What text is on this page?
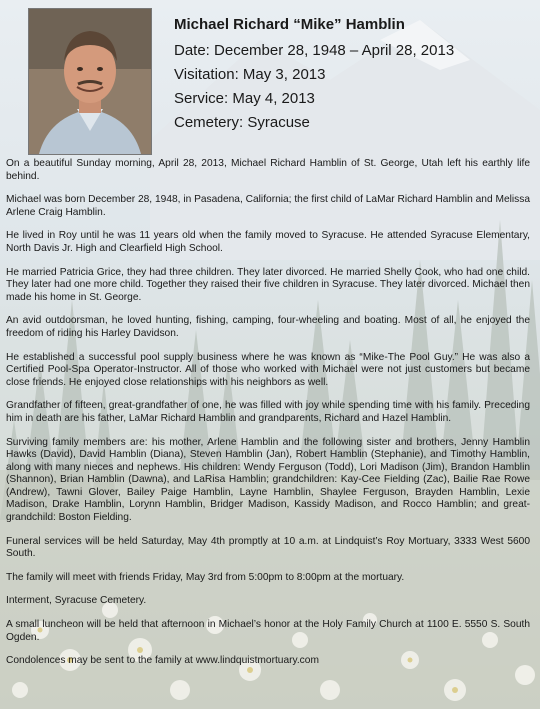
Michael Richard “Mike” Hamblin
Date: December 28, 1948 – April 28, 2013
Visitation: May 3, 2013
Service: May 4, 2013
Cemetery: Syracuse

On a beautiful Sunday morning, April 28, 2013, Michael Richard Hamblin of St. George, Utah left his earthly life behind.

Michael was born December 28, 1948, in Pasadena, California; the first child of LaMar Richard Hamblin and Melissa Arlene Craig Hamblin.

He lived in Roy until he was 11 years old when the family moved to Syracuse. He attended Syracuse Elementary, North Davis Jr. High and Clearfield High School.

He married Patricia Grice, they had three children. They later divorced. He married Shelly Cook, who had one child. They later had one more child. Together they raised their five children in Syracuse. They later divorced. Michael then made his home in St. George.

An avid outdoorsman, he loved hunting, fishing, camping, four-wheeling and boating. Most of all, he enjoyed the freedom of riding his Harley Davidson.

He established a successful pool supply business where he was known as “Mike-The Pool Guy.” He was also a Certified Pool-Spa Operator-Instructor. All of those who worked with Michael were not just customers but became close friends. He enjoyed close relationships with his neighbors as well.

Grandfather of fifteen, great-grandfather of one, he was filled with joy while spending time with his family. Preceding him in death are his father, LaMar Richard Hamblin and grandparents, Richard and Hazel Hamblin.

Surviving family members are: his mother, Arlene Hamblin and the following sister and brothers, Jenny Hamblin Hawks (David), David Hamblin (Diana), Steven Hamblin (Jan), Robert Hamblin (Stephanie), and Timothy Hamblin, along with many nieces and nephews. His children: Wendy Ferguson (Todd), Lori Madison (Jim), Brandon Hamblin (Shannon), Brian Hamblin (Dawna), and LaRisa Hamblin; grandchildren: Kay-Cee Fielding (Zac), Bailie Rae Rowe (Andrew), Tawni Glover, Bailey Paige Hamblin, Layne Hamblin, Shaylee Ferguson, Brayden Hamblin, Lexie Madison, Drake Hamblin, Lorynn Hamblin, Bridger Madison, Kassidy Madison, and Rocco Hamblin; and great-grandchild: Boston Fielding.

Funeral services will be held Saturday, May 4th promptly at 10 a.m. at Lindquist’s Roy Mortuary, 3333 West 5600 South.

The family will meet with friends Friday, May 3rd from 5:00pm to 8:00pm at the mortuary.

Interment, Syracuse Cemetery.

A small luncheon will be held that afternoon in Michael’s honor at the Holy Family Church at 1100 E. 5550 S. South Ogden.

Condolences may be sent to the family at www.lindquistmortuary.com
